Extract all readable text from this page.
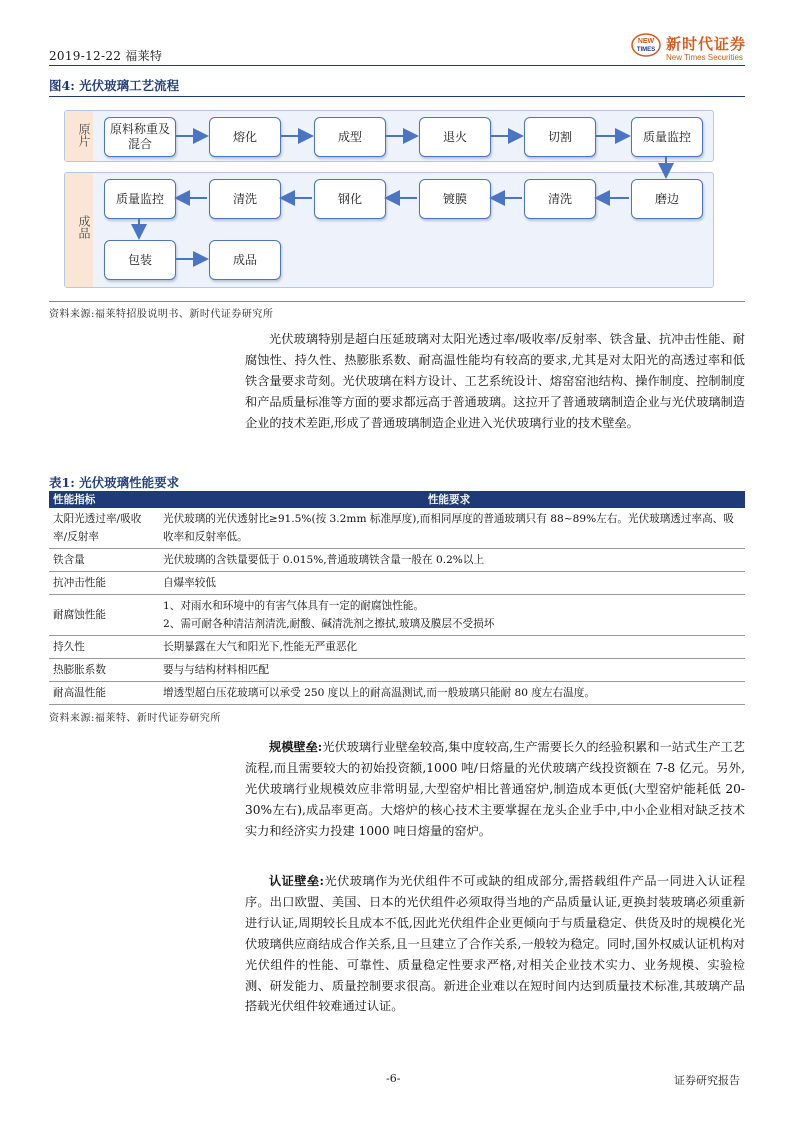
2019-12-22 福莱特
NEW
TIMES 新时代证券
New Times Securities
图4: 光伏玻璃工艺流程
原片
成品
原料称重及混合
熔化	成型	退火	切割	质量监控
质量监控	清洗	钢化	镀膜	清洗	磨边
包装	成品
资料来源:福莱特招股说明书、新时代证券研究所

光伏玻璃特别是超白压延玻璃对太阳光透过率/吸收率/反射率、铁含量、抗冲击性能、耐腐蚀性、持久性、热膨胀系数、耐高温性能均有较高的要求,尤其是对太阳光的高透过率和低铁含量要求苛刻。光伏玻璃在料方设计、工艺系统设计、熔窑窑池结构、操作制度、控制制度和产品质量标准等方面的要求都远高于普通玻璃。这拉开了普通玻璃制造企业与光伏玻璃制造企业的技术差距,形成了普通玻璃制造企业进入光伏玻璃行业的技术壁垒。

表1: 光伏玻璃性能要求
性能指标	性能要求
太阳光透过率/吸收率/反射率	光伏玻璃的光伏透射比≥91.5%(按 3.2mm 标准厚度),而相同厚度的普通玻璃只有 88~89%左右。光伏玻璃透过率高、吸收率和反射率低。
铁含量	光伏玻璃的含铁量要低于 0.015%,普通玻璃铁含量一般在 0.2%以上
抗冲击性能	自爆率较低
耐腐蚀性能	1、对雨水和环境中的有害气体具有一定的耐腐蚀性能。
2、需可耐各种清洁剂清洗,耐酸、碱清洗剂之擦拭,玻璃及膜层不受损坏

持久性	长期暴露在大气和阳光下,性能无严重恶化
热膨胀系数	要与与结构材料相匹配
耐高温性能	增透型超白压花玻璃可以承受 250 度以上的耐高温测试,而一般玻璃只能耐 80 度左右温度。
资料来源:福莱特、新时代证券研究所

规模壁垒:光伏玻璃行业壁垒较高,集中度较高,生产需要长久的经验积累和一站式生产工艺流程,而且需要较大的初始投资额,1000 吨/日熔量的光伏玻璃产线投资额在 7-8 亿元。另外,光伏玻璃行业规模效应非常明显,大型窑炉相比普通窑炉,制造成本更低(大型窑炉能耗低 20-30%左右),成品率更高。大熔炉的核心技术主要掌握在龙头企业手中,中小企业相对缺乏技术实力和经济实力投建 1000 吨日熔量的窑炉。

认证壁垒:光伏玻璃作为光伏组件不可或缺的组成部分,需搭载组件产品一同进入认证程序。出口欧盟、美国、日本的光伏组件必须取得当地的产品质量认证,更换封装玻璃必须重新进行认证,周期较长且成本不低,因此光伏组件企业更倾向于与质量稳定、供货及时的规模化光伏玻璃供应商结成合作关系,且一旦建立了合作关系,一般较为稳定。同时,国外权威认证机构对光伏组件的性能、可靠性、质量稳定性要求严格,对相关企业技术实力、业务规模、实验检测、研发能力、质量控制要求很高。新进企业难以在短时间内达到质量技术标准,其玻璃产品搭载光伏组件较难通过认证。

-6-	证券研究报告
